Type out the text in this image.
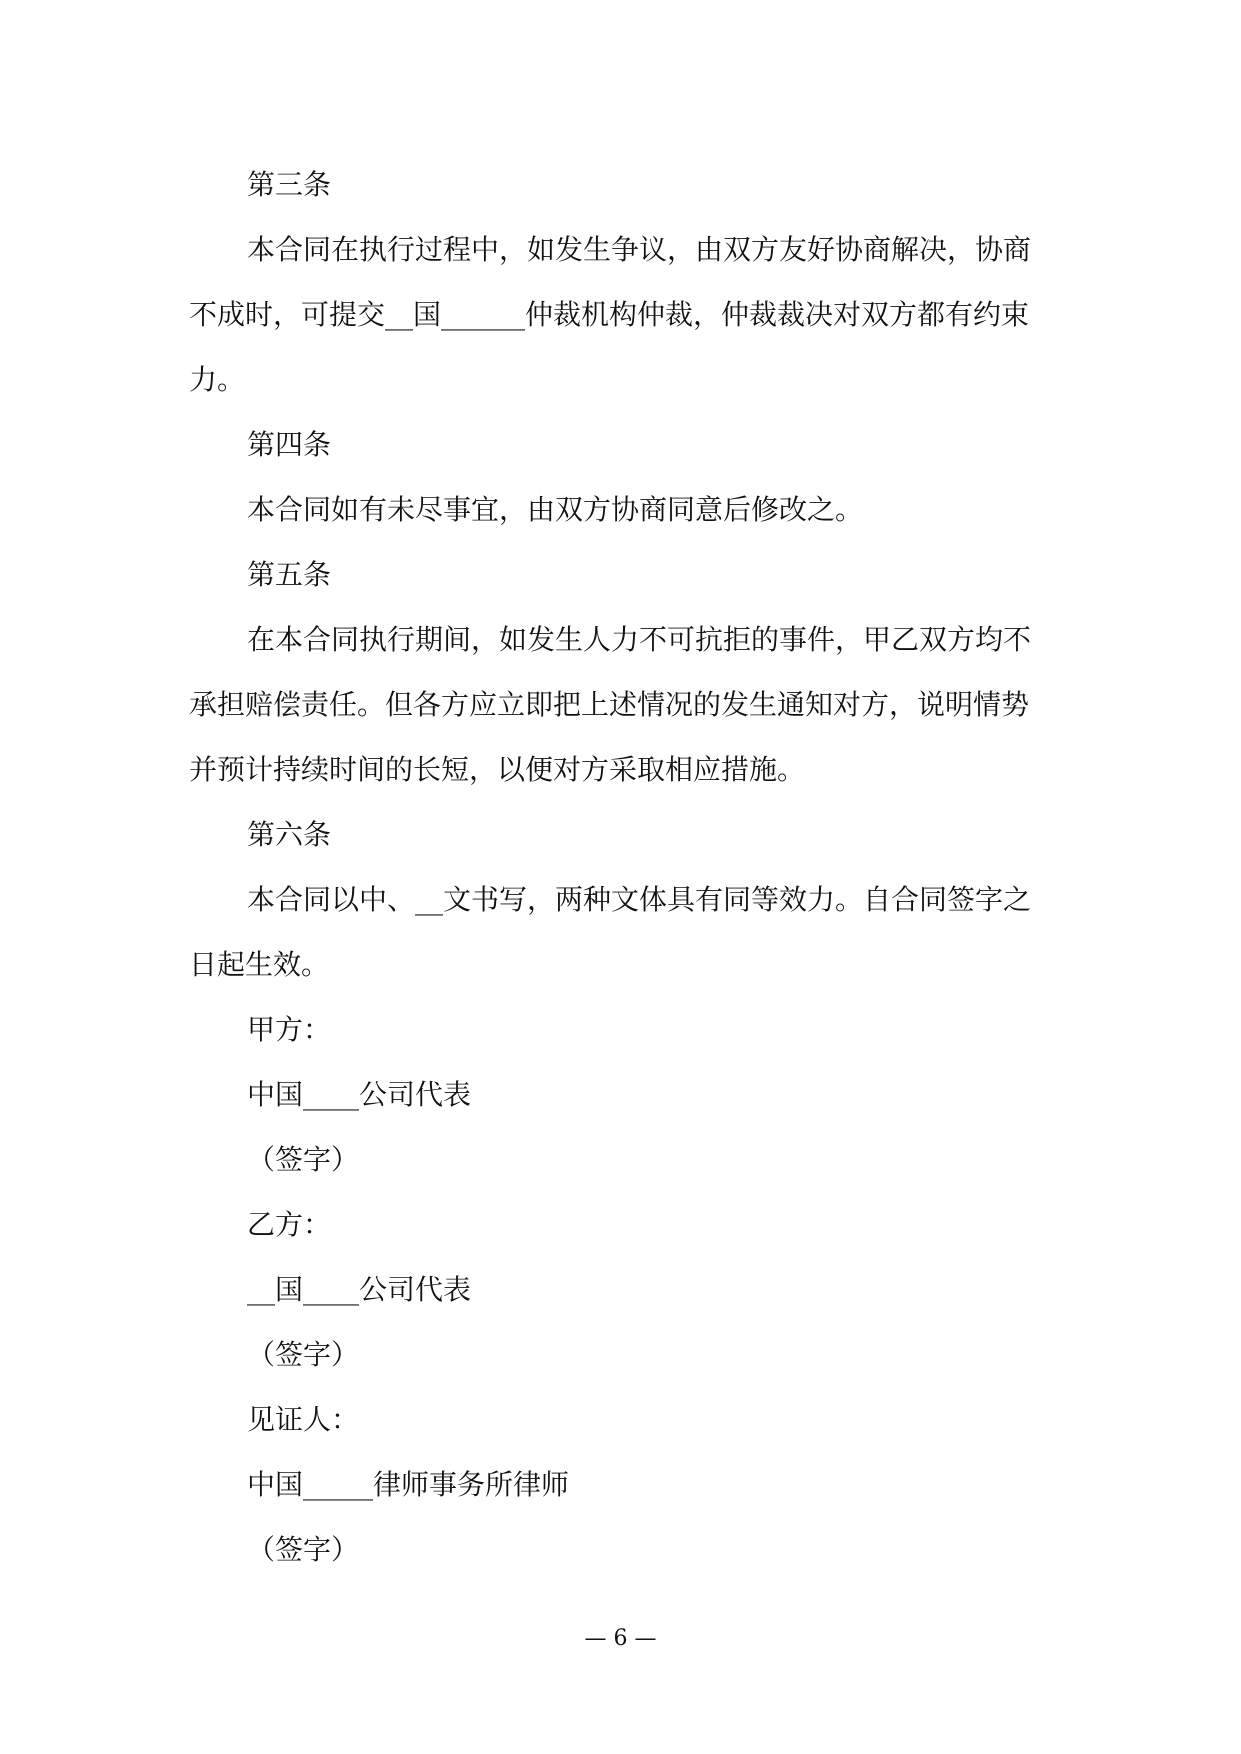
第三条
本合同在执行过程中，如发生争议，由双方友好协商解决，协商
不成时，可提交__国______仲裁机构仲裁，仲裁裁决对双方都有约束
力。
第四条
本合同如有未尽事宜，由双方协商同意后修改之。
第五条
在本合同执行期间，如发生人力不可抗拒的事件，甲乙双方均不
承担赔偿责任。但各方应立即把上述情况的发生通知对方，说明情势
并预计持续时间的长短，以便对方采取相应措施。
第六条
本合同以中、__文书写，两种文体具有同等效力。自合同签字之
日起生效。
甲方：
中国____公司代表
（签字）
乙方：
__国____公司代表
（签字）
见证人：
中国_____律师事务所律师
（签字）
— 6 —
